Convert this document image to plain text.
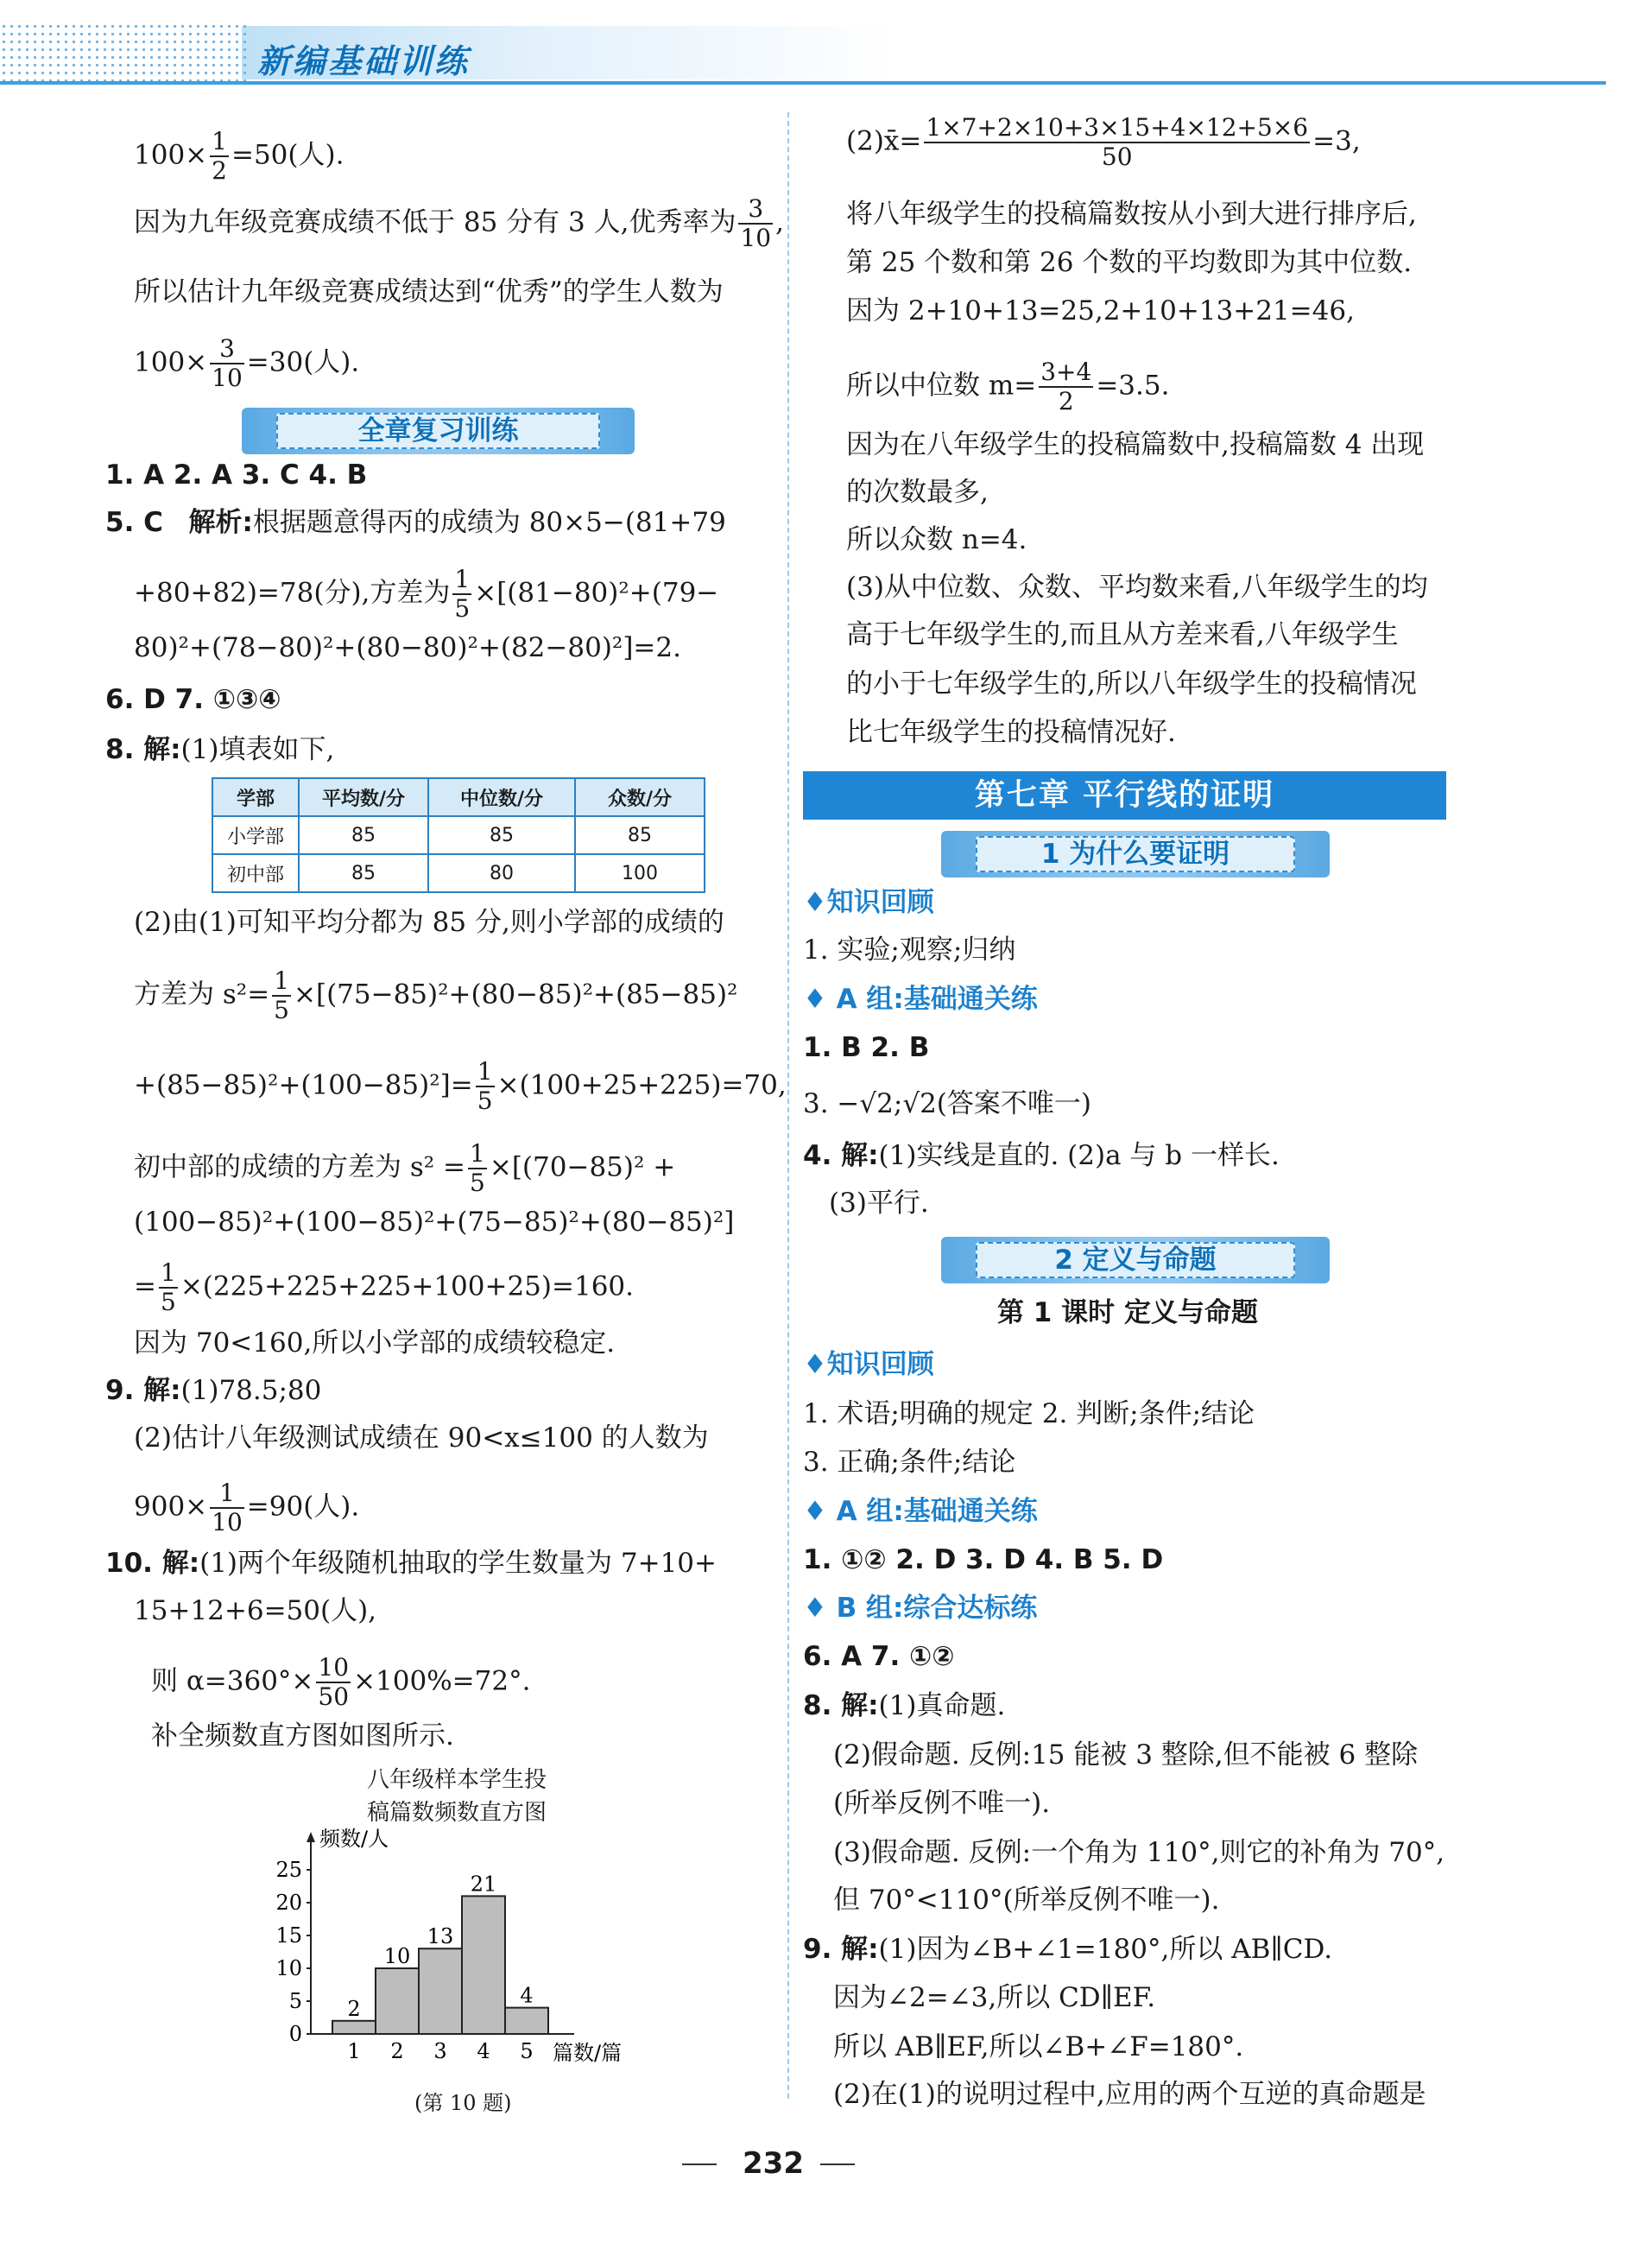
新编基础训练
$100\times \frac{1}{2} =50$(人).
因为九年级竞赛成绩不低于 85 分有 3 人,优秀率为 $\frac{3}{10}$ ,
所以估计九年级竞赛成绩达到“优秀”的学生人数为
$100\times \frac{3}{10} =30$(人).
全章复习训练
1. A 2. A 3. C 4. B
5. C 解析:根据题意得丙的成绩为 80×5−(81+79
+80+82)=78(分),方差为 $\frac{1}{5} \times[(81-80)^2+(79-$
80)²+(78−80)²+(80−80)²+(82−80)²]=2.
6. D 7. ①③④
8. 解:(1)填表如下,
学部	平均数/分	中位数/分	众数/分
小学部	85	85	85
初中部	85	80	100
(2)由(1)可知平均分都为 85 分,则小学部的成绩的
方差为 $s^2= \frac{1}{5} \times[(75-85)^2+(80-85)^2+(85-85)^2$
$+(85-85)^2+(100-85)^2]= \frac{1}{5} \times(100+25+225)=70$,
初中部的成绩的方差为 $s^2 = \frac{1}{5} \times[(70-85)^2$ +
(100−85)²+(100−85)²+(75−85)²+(80−85)²]
= $\frac{1}{5} \times(225+225+225+100+25)=160$.
因为 70<160,所以小学部的成绩较稳定.
9. 解:(1)78.5;80
(2)估计八年级测试成绩在 90<x≤100 的人数为
$900\times \frac{1}{10} =90$(人).
10. 解:(1)两个年级随机抽取的学生数量为 7+10+
15+12+6=50(人),
则 $\alpha=360^\circ\times \frac{10}{50} \times 100\%=72^\circ$.
补全频数直方图如图所示.
八年级样本学生投
稿篇数频数直方图
0
5
10
15
20
25
频数/人
2
1
10
2
13
3
21
4
4
5 篇数/篇
(第 10 题)
(2)x̄= $\frac{1\times 7+2\times 10+3\times 15+4\times 12+5\times 6}{50} =3$,
将八年级学生的投稿篇数按从小到大进行排序后,
第 25 个数和第 26 个数的平均数即为其中位数.
因为 2+10+13=25,2+10+13+21=46,
所以中位数 $m= \frac{3+4}{2} =3.5$.
因为在八年级学生的投稿篇数中,投稿篇数 4 出现
的次数最多,
所以众数 n=4.
(3)从中位数、众数、平均数来看,八年级学生的均
高于七年级学生的,而且从方差来看,八年级学生
的小于七年级学生的,所以八年级学生的投稿情况
比七年级学生的投稿情况好.
第七章 平行线的证明
1 为什么要证明
♦知识回顾
1. 实验;观察;归纳
♦ A 组:基础通关练
1. B 2. B
3. −√2;√2(答案不唯一)
4. 解:(1)实线是直的. (2)a 与 b 一样长.
(3)平行.
2 定义与命题
第 1 课时 定义与命题
♦知识回顾
1. 术语;明确的规定 2. 判断;条件;结论
3. 正确;条件;结论
♦ A 组:基础通关练
1. ①② 2. D 3. D 4. B 5. D
♦ B 组:综合达标练
6. A 7. ①②
8. 解:(1)真命题.
(2)假命题. 反例:15 能被 3 整除,但不能被 6 整除
(所举反例不唯一).
(3)假命题. 反例:一个角为 110°,则它的补角为 70°,
但 70°<110°(所举反例不唯一).
9. 解:(1)因为∠B+∠1=180°,所以 AB∥CD.
因为∠2=∠3,所以 CD∥EF.
所以 AB∥EF,所以∠B+∠F=180°.
(2)在(1)的说明过程中,应用的两个互逆的真命题是
232
